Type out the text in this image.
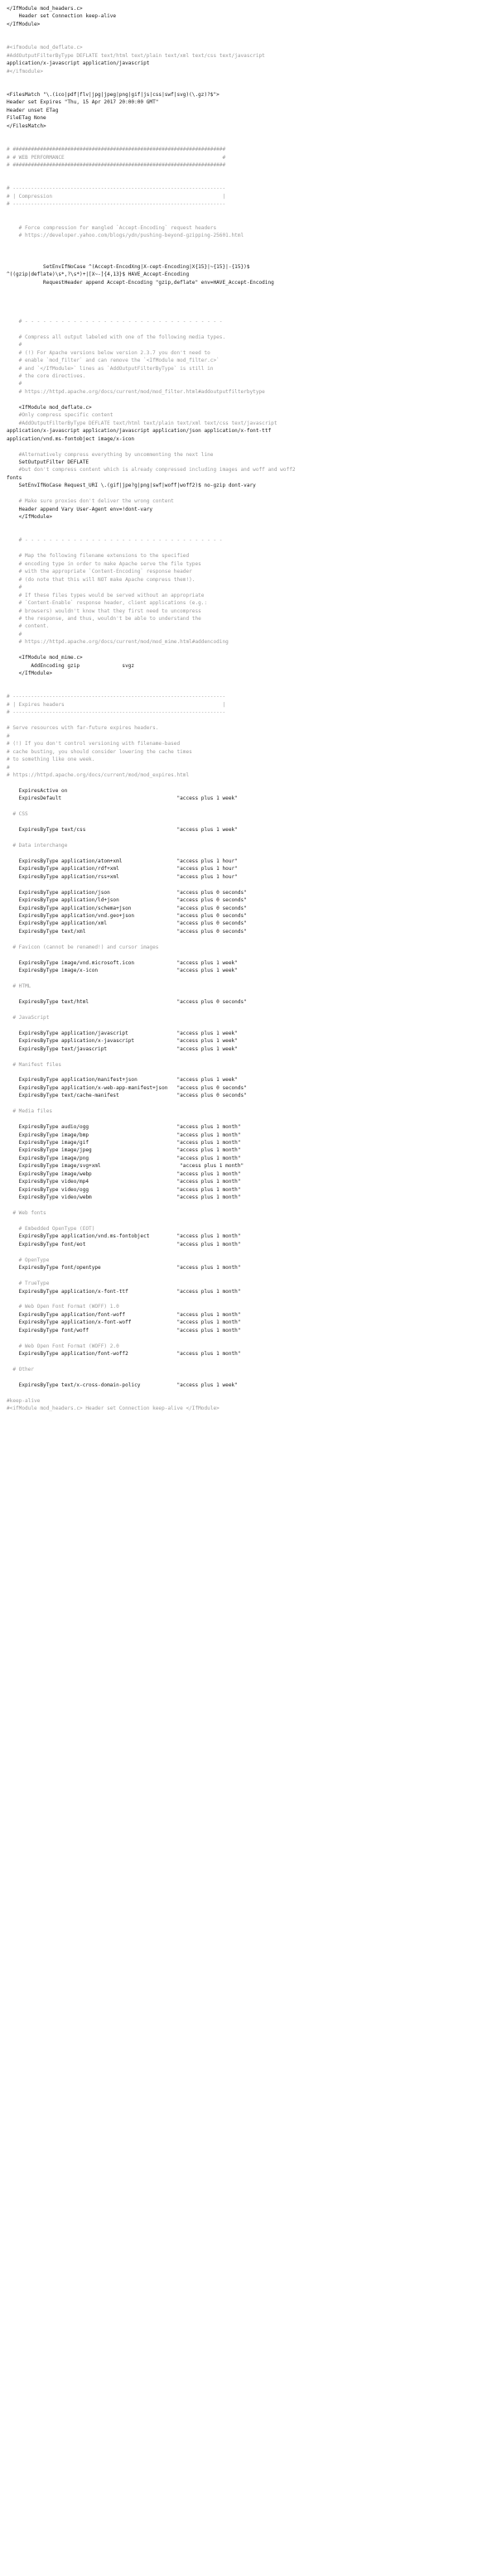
</IfModule mod_headers.c>
Header set Connection keep-alive
</IfModule>

#<ifmodule mod_deflate.c>
#AddOutputFilterByType DEFLATE text/html text/plain text/xml text/css text/javascript
application/x-javascript application/javascript
#</ifmodule>

<FilesMatch "\.(ico|pdf|flv|jpg|jpeg|png|gif|js|css|swf|svg)(\.gz)?$">
Header set Expires "Thu, 15 Apr 2017 20:00:00 GMT"
Header unset ETag
FileETag None
</FilesMatch>

# ######################################################################
# # WEB PERFORMANCE                                                    #
# ######################################################################

# ----------------------------------------------------------------------
# | Compression                                                        |
# ----------------------------------------------------------------------

# Force compression for mangled `Accept-Encoding` request headers
# https://developer.yahoo.com/blogs/ydn/pushing-beyond-gzipping-25601.html

SetEnvIfNoCase ^(Accept-EncodXng|X-cept-Encoding|X{15}|~{15}|-{15})$
^((gzip|deflate)\s*,?\s*)+|[X~-]{4,13}$ HAVE_Accept-Encoding
RequestHeader append Accept-Encoding "gzip,deflate" env=HAVE_Accept-Encoding

# - - - - - - - - - - - - - - - - - - - - - - - - - - - - - - - - -

# Compress all output labeled with one of the following media types.
#
# (!) For Apache versions below version 2.3.7 you don't need to
# enable `mod_filter` and can remove the `<IfModule mod_filter.c>`
# and `</IfModule>` lines as `AddOutputFilterByType` is still in
# the core directives.
#
# https://httpd.apache.org/docs/current/mod/mod_filter.html#addoutputfilterbytype

<IfModule mod_deflate.c>
#Only compress specific content
#AddOutputFilterByType DEFLATE text/html text/plain text/xml text/css text/javascript
application/x-javascript application/javascript application/json application/x-font-ttf
application/vnd.ms-fontobject image/x-icon

#Alternatively compress everything by uncommenting the next line
SetOutputFilter DEFLATE
#but don't compress content which is already compressed including images and woff and woff2
fonts
SetEnvIfNoCase Request_URI \.(gif|jpe?g|png|swf|woff|woff2)$ no-gzip dont-vary

# Make sure proxies don't deliver the wrong content
Header append Vary User-Agent env=!dont-vary
</IfModule>

# - - - - - - - - - - - - - - - - - - - - - - - - - - - - - - - - -

# Map the following filename extensions to the specified
# encoding type in order to make Apache serve the file types
# with the appropriate `Content-Encoding` response header
# (do note that this will NOT make Apache compress them!).
#
# If these files types would be served without an appropriate
# `Content-Enable` response header, client applications (e.g.:
# browsers) wouldn't know that they first need to uncompress
# the response, and thus, wouldn't be able to understand the
# content.
#
# https://httpd.apache.org/docs/current/mod/mod_mime.html#addencoding

<IfModule mod_mime.c>
AddEncoding gzip              svgz
</IfModule>

# ----------------------------------------------------------------------
# | Expires headers                                                    |
# ----------------------------------------------------------------------

# Serve resources with far-future expires headers.
#
# (!) If you don't control versioning with filename-based
# cache busting, you should consider lowering the cache times
# to something like one week.
#
# https://httpd.apache.org/docs/current/mod/mod_expires.html

ExpiresActive on
ExpiresDefault                                      "access plus 1 week"

# CSS

ExpiresByType text/css                              "access plus 1 week"

# Data interchange

ExpiresByType application/atom+xml                  "access plus 1 hour"
ExpiresByType application/rdf+xml                   "access plus 1 hour"
ExpiresByType application/rss+xml                   "access plus 1 hour"

ExpiresByType application/json                      "access plus 0 seconds"
ExpiresByType application/ld+json                   "access plus 0 seconds"
ExpiresByType application/schema+json               "access plus 0 seconds"
ExpiresByType application/vnd.geo+json              "access plus 0 seconds"
ExpiresByType application/xml                       "access plus 0 seconds"
ExpiresByType text/xml                              "access plus 0 seconds"

# Favicon (cannot be renamed!) and cursor images

ExpiresByType image/vnd.microsoft.icon              "access plus 1 week"
ExpiresByType image/x-icon                          "access plus 1 week"

# HTML

ExpiresByType text/html                             "access plus 0 seconds"

# JavaScript

ExpiresByType application/javascript                "access plus 1 week"
ExpiresByType application/x-javascript              "access plus 1 week"
ExpiresByType text/javascript                       "access plus 1 week"

# Manifest files

ExpiresByType application/manifest+json             "access plus 1 week"
ExpiresByType application/x-web-app-manifest+json   "access plus 0 seconds"
ExpiresByType text/cache-manifest                   "access plus 0 seconds"

# Media files

ExpiresByType audio/ogg                             "access plus 1 month"
ExpiresByType image/bmp                             "access plus 1 month"
ExpiresByType image/gif                             "access plus 1 month"
ExpiresByType image/jpeg                            "access plus 1 month"
ExpiresByType image/png                             "access plus 1 month"
ExpiresByType image/svg+xml                          "access plus 1 month"
ExpiresByType image/webp                            "access plus 1 month"
ExpiresByType video/mp4                             "access plus 1 month"
ExpiresByType video/ogg                             "access plus 1 month"
ExpiresByType video/webm                            "access plus 1 month"

# Web fonts

# Embedded OpenType (EOT)
ExpiresByType application/vnd.ms-fontobject         "access plus 1 month"
ExpiresByType font/eot                              "access plus 1 month"

# OpenType
ExpiresByType font/opentype                         "access plus 1 month"

# TrueType
ExpiresByType application/x-font-ttf                "access plus 1 month"

# Web Open Font Format (WOFF) 1.0
ExpiresByType application/font-woff                 "access plus 1 month"
ExpiresByType application/x-font-woff               "access plus 1 month"
ExpiresByType font/woff                             "access plus 1 month"

# Web Open Font Format (WOFF) 2.0
ExpiresByType application/font-woff2                "access plus 1 month"

# Other

ExpiresByType text/x-cross-domain-policy            "access plus 1 week"

#keep-alive
#<ifModule mod_headers.c> Header set Connection keep-alive </IfModule>
